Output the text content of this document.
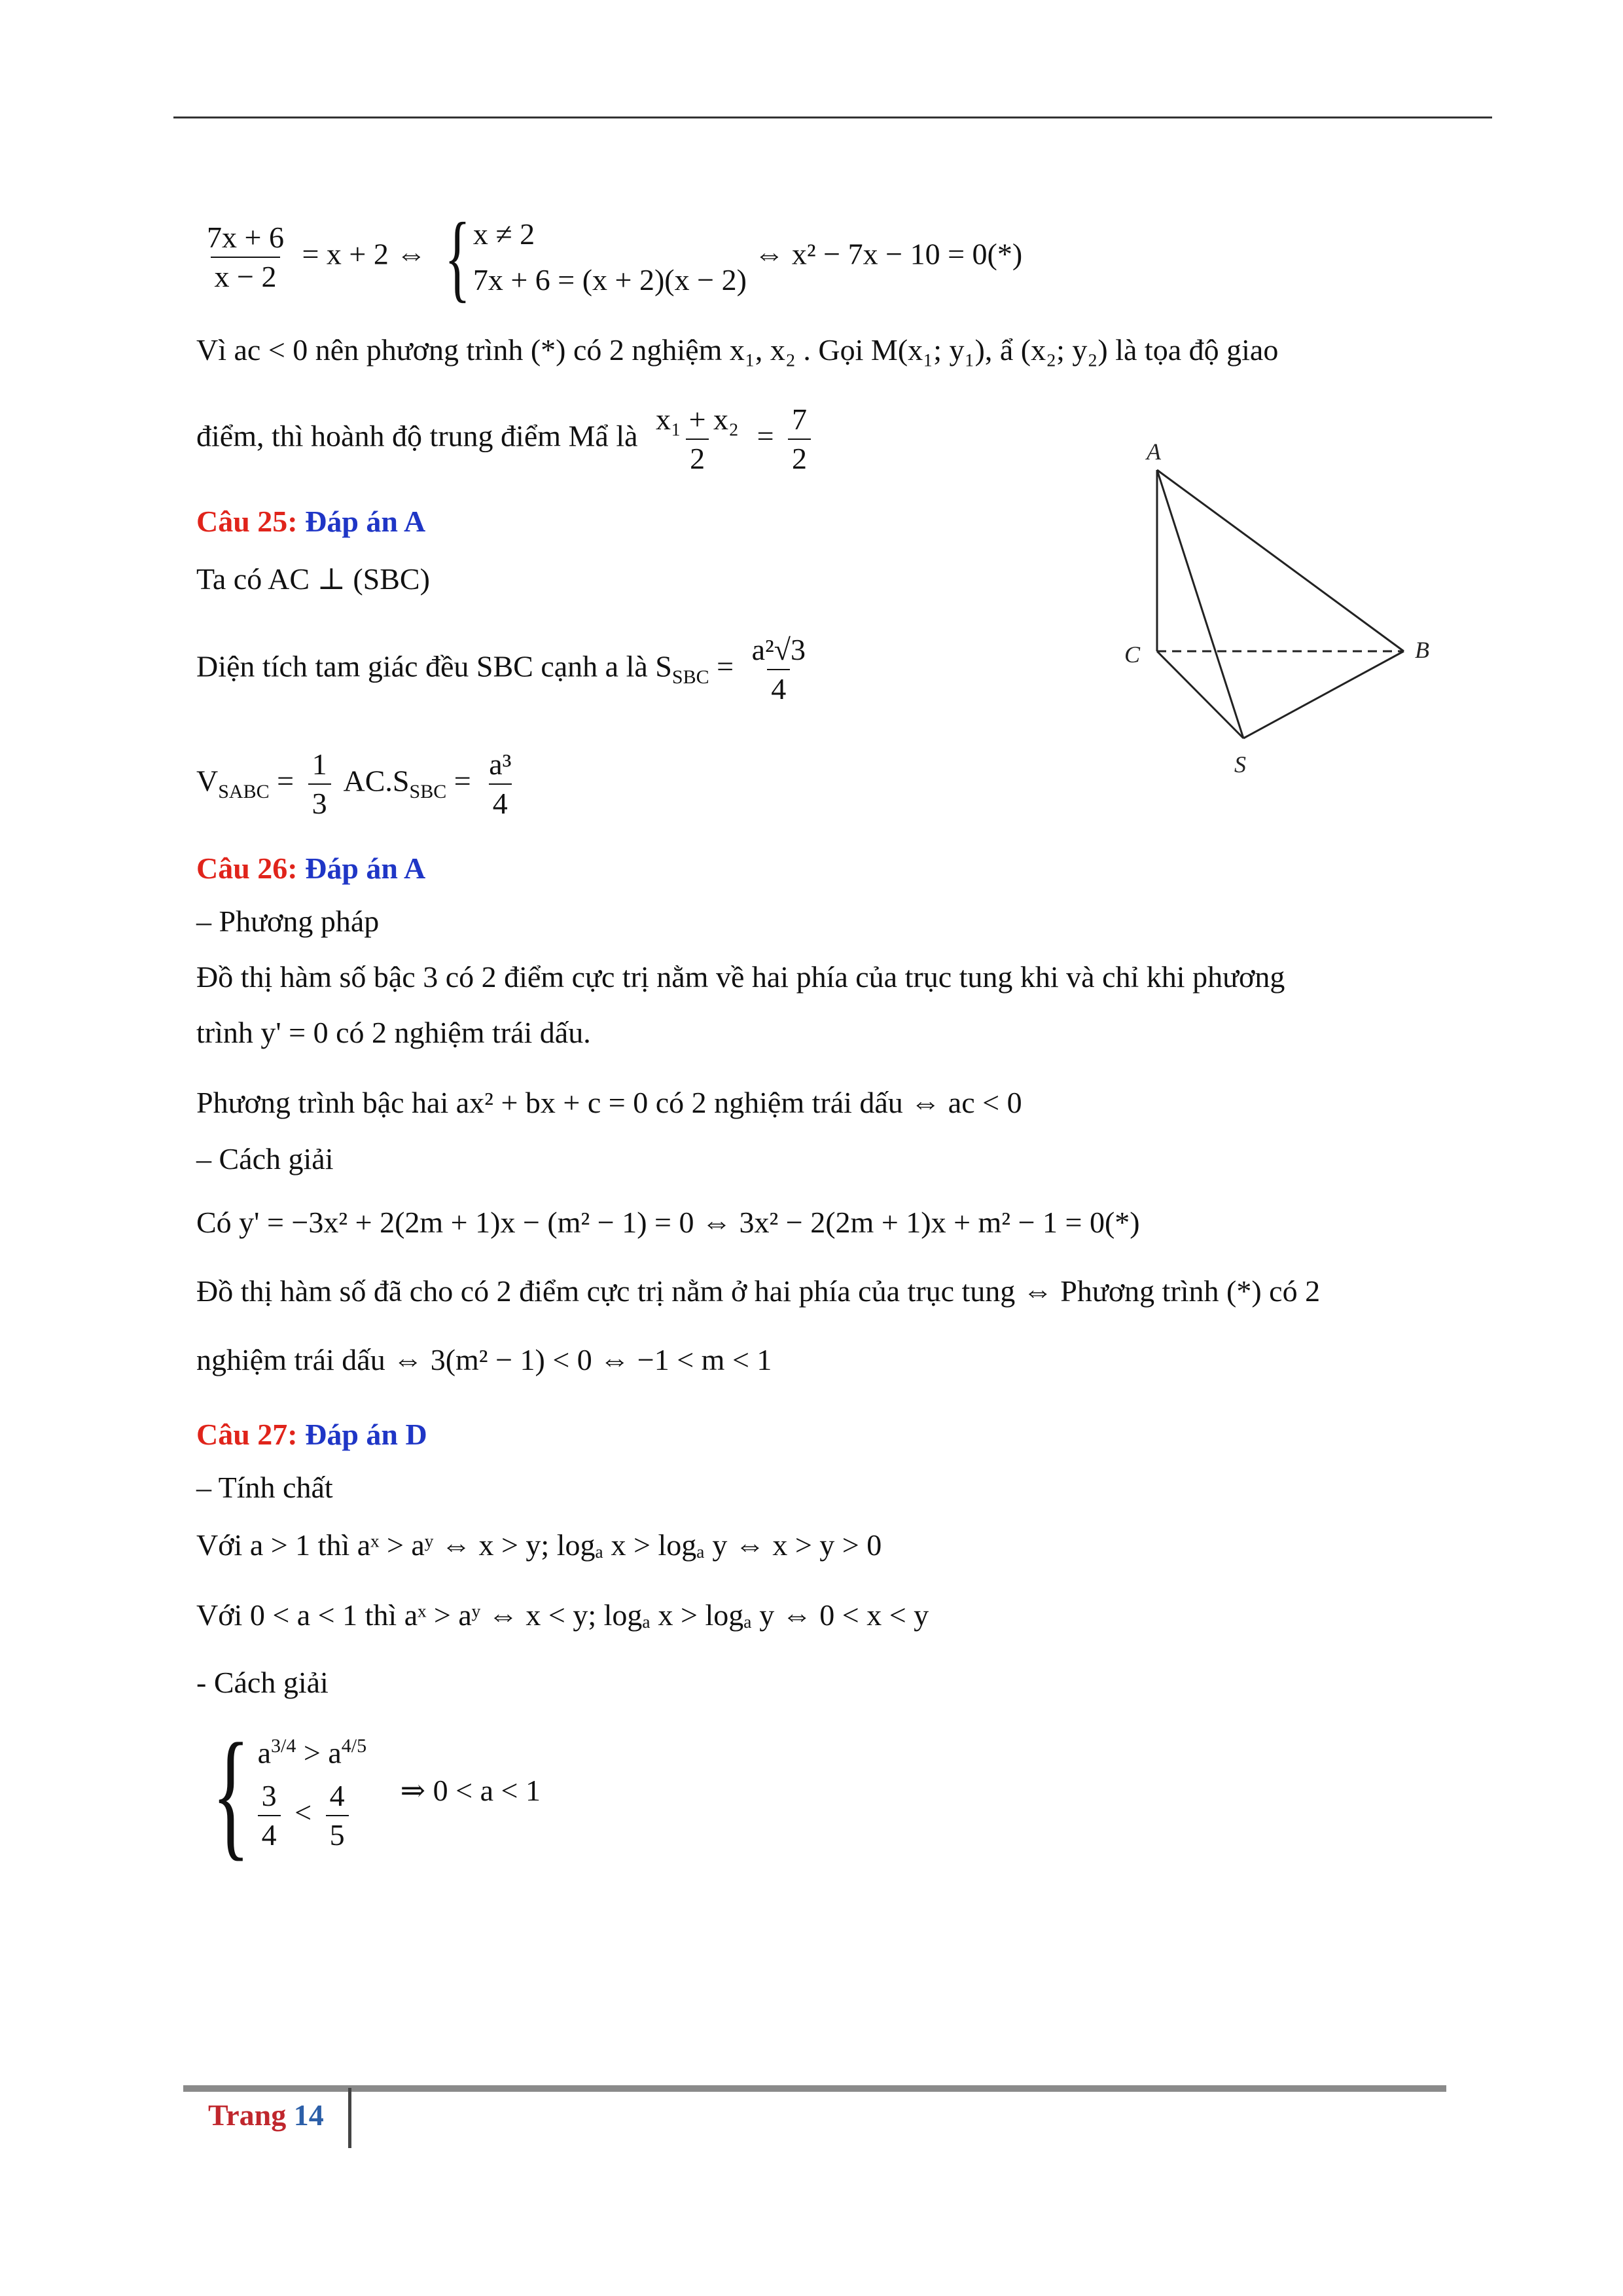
$\frac{7x + 6}{x - 2} = x + 2$ ⇔ { x ≠ 2
7x + 6 = (x + 2)(x − 2)
⇔ x² − 7x − 10 = 0(*)
Vì ac < 0 nên phương trình (*) có 2 nghiệm x₁, x₂ . Gọi M(x₁; y₁), ẩ (x₂; y₂) là tọa độ giao
điểm, thì hoành độ trung điểm Mẩ là $\frac{\text{x₁ + x₂}}{2} = \frac{7}{2}$
Câu 25: Đáp án A
Ta có AC ⊥ (SBC)
Diện tích tam giác đều SBC cạnh a là $S_{SBC} = \frac{\text{a²√3}}{4}$
$V_{SABC} = \frac{1}{3} AC.S_{SBC} = \frac{\text{a³}}{4}$
A
B
C
S
Câu 26: Đáp án A
– Phương pháp
Đồ thị hàm số bậc 3 có 2 điểm cực trị nằm về hai phía của trục tung khi và chỉ khi phương
trình y' = 0 có 2 nghiệm trái dấu.
Phương trình bậc hai ax² + bx + c = 0 có 2 nghiệm trái dấu ⇔ ac < 0
– Cách giải
Có y' = −3x² + 2(2m + 1)x − (m² − 1) = 0 ⇔ 3x² − 2(2m + 1)x + m² − 1 = 0(*)
Đồ thị hàm số đã cho có 2 điểm cực trị nằm ở hai phía của trục tung ⇔ Phương trình (*) có 2
nghiệm trái dấu ⇔ 3(m² − 1) < 0 ⇔ −1 < m < 1
Câu 27: Đáp án D
– Tính chất
Với a > 1 thì aˣ > aʸ ⇔ x > y; logₐ x > logₐ y ⇔ x > y > 0
Với 0 < a < 1 thì aˣ > aʸ ⇔ x < y; logₐ x > logₐ y ⇔ 0 < x < y
- Cách giải
{ $a^{3/4} > a^{4/5}$
$\frac{3}{4} < \frac{4}{5}$ ⇒ 0 < a < 1
Trang 14
